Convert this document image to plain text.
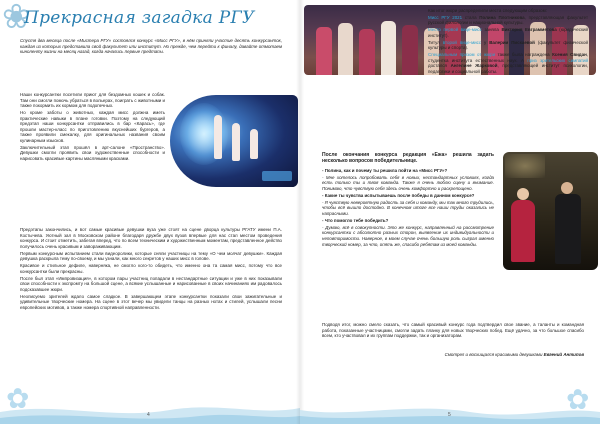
❀
Прекрасная загадка РГУ
Спустя два месяца после «Мистера РГУ» состоялся конкурс «Мисс РГУ», в нём приняли участие десять конкурсанток, каждая из которых представила свой факультет или институт. Но прежде, чем перейти к финалу, давайте отмотаем киноленту жизни на месяц назад, когда начались первые предтапы.

Наши конкурсантки посетили приют для бездомных кошек и собак. Там они смогли помочь убраться в вольерах, поиграть с животными и также покормить их кормом для подопечных.

Но кроме заботы о животных, каждая мисс должна иметь практические навыки в плане готовки. Поэтому на следующий предэтап наши конкурсантки отправились в бар «Карась», где прошли мастер-класс по приготовлению вкуснейших бургеров, а также проявили смекалку, для оригинальных названия своим кулинарным изысков.

Заключительный этап прошёл в арт-салоне «Пространство». Девушки смогли проявить свои художественные способности и нарисовать красивые картины масляными красками.

Предэтапы закончились, и вот самые красивые девушки вуза уже стоят на сцене дворца культуры РГАТУ имени П.А. Костычева. Уютный зал в Московском районе благодаря дружбе двух вузов впервые для нас стал местом проведения конкурса. И стоит отметить, забегая вперед, что по всем техническим и художественным моментам, представленное действо получилось очень красивым и завораживающим.

Первым конкурсным испытанием стали видеоролики, которые сняли участницы на тему «О чем молчат девушки». Каждая девушка раскрыла тему по-своему, и мы узнали, как много секретов у наших мисс в голове.

Красивое и стильное дефиле, наверняка, не смогло кого-то обидеть, что именно она та самая мисс, потому что все конкурсантки были прекрасны.

После был этап «Импровизация», в котором пары участниц попадали в нестандартные ситуации и уже в них показывали свои способности к экспромту на большой сцене, а всякие услышанные и нарисованные в своих начинаниях им радовалось подсказавшее жюри.

Неописуемо зрителей ждало самое сладкое. В завершающем этапе конкурсантки показали свои зажигательные и удивительные творческие номера. На сцене в этот вечер мы увидели танцы на разных нотах и стилей, услышали песни европейских мотивов, а также номера спортивной направленности.

✿
4

Как итог жюри распределили места следующим образом:

Мисс РГУ 2021 стала Полина Плотникова, представляющая факультет русской филологии и национальной культуры.

Место первой вице-мисс заняла Виктория Евграмметова (юридический институт).

Титул второй вице-мисс у Валерии Пискаевой (факультет физической культуры и спорта).

Специальным призом от жюри также была награждена Ксения Свидан, студентка института естественных наук. А приз зрительских симпатий достался Ангелине Жарковой, представляющей институт психологии, педагогики и социальной работы.

После окончания конкурса редакция «Ежа» решила задать несколько вопросов победительнице.

- Полина, как и почему ты решила пойти на «Мисс РГУ»?

- Мне хотелось попробовать себя в новых, нестандартных условиях, когда есть только ты и твоя команда. Также я очень люблю сцену и внимание. Понимаю, что чувствую себя здесь очень комфортно и раскрепощено.

- Какие ты чувства испытываешь после победы в данном конкурсе?

- Я чувствую невероятную радость за себя и команду, мы так много трудились, чтобы всё вышло достойно. В конечном итоге все наши труды оказались не напрасными.

- Что помогло тебе победить?

- Думаю, всё в совокупности. Это же конкурс, направленный на рассмотрение конкурсантки с абсолютно разных сторон, выявление их индивидуальности и неповторимости. Наверное, в моем случае очень большую роль сыграл именно творческий номер, за что, опять же, спасибо ребятам из моей команды.

Подводя итог, можно смело сказать, что самый красивый конкурс года подтвердил свое звание, а таланты и командная работа, показанные участницами, смогли задать планку для новых творческих побед. Ещё удачно, за что большое спасибо всем, кто участвовал и их группам поддержки, так и организаторам.
Смотрел и восхищался красивыми девушками Евгений Антипов
✿
5
